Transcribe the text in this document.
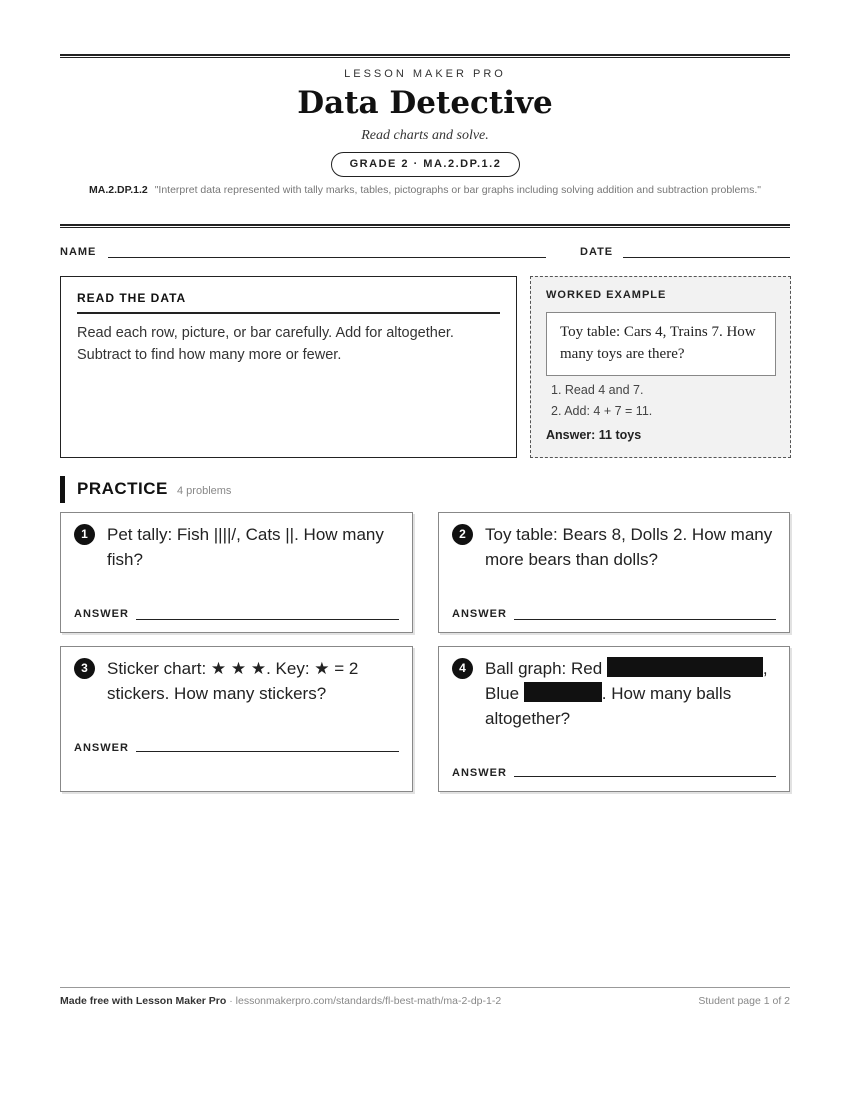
LESSON MAKER PRO
Data Detective
Read charts and solve.
GRADE 2 · MA.2.DP.1.2
MA.2.DP.1.2 "Interpret data represented with tally marks, tables, pictographs or bar graphs including solving addition and subtraction problems."
NAME	DATE
READ THE DATA
Read each row, picture, or bar carefully. Add for altogether. Subtract to find how many more or fewer.
WORKED EXAMPLE
Toy table: Cars 4, Trains 7. How many toys are there?
1. Read 4 and 7.
2. Add: 4 + 7 = 11.
Answer: 11 toys
PRACTICE 4 problems
1	Pet tally: Fish ||||/, Cats ||. How many fish?
ANSWER
2	Toy table: Bears 8, Dolls 2. How many more bears than dolls?
ANSWER
3	Sticker chart: ★ ★ ★. Key: ★ = 2 stickers. How many stickers?
ANSWER
4	Ball graph: Red	, Blue	. How many balls altogether?
ANSWER
Made free with Lesson Maker Pro · lessonmakerpro.com/standards/fl-best-math/ma-2-dp-1-2	Student page 1 of 2
